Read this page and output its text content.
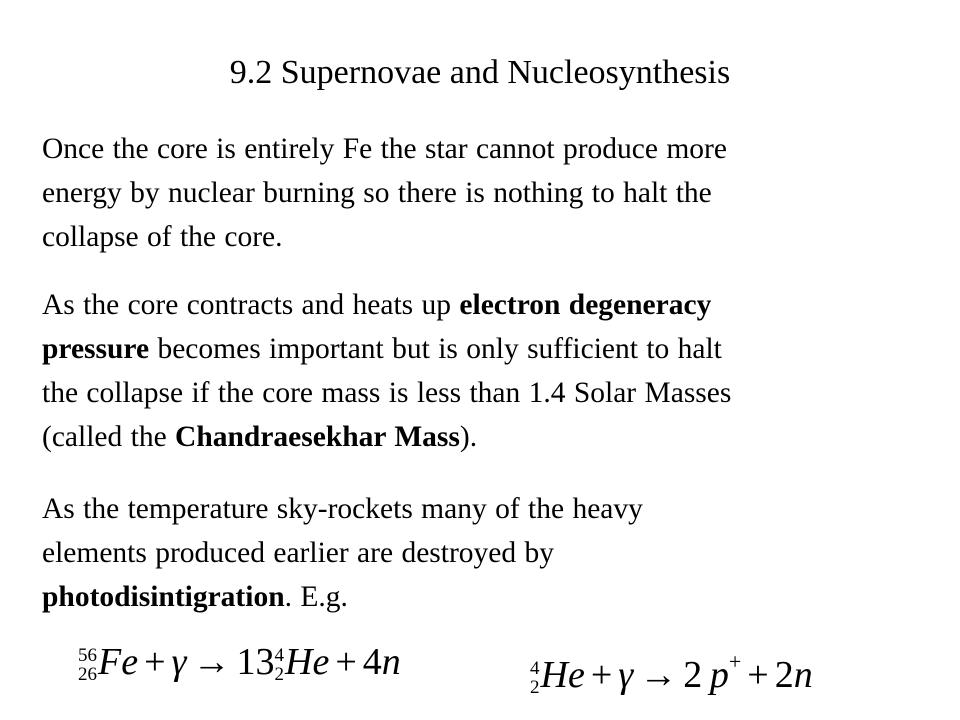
9.2 Supernovae and Nucleosynthesis
Once the core is entirely Fe the star cannot produce more
energy by nuclear burning so there is nothing to halt the
collapse of the core.
As the core contracts and heats up electron degeneracy
pressure becomes important but is only sufficient to halt
the collapse if the core mass is less than 1.4 Solar Masses
(called the Chandraesekhar Mass).
As the temperature sky-rockets many of the heavy
elements produced earlier are destroyed by
photodisintigration. E.g.
56
26 Fe + γ → 13 4
2 He + 4n	4
2 He + γ → 2  p+ + 2n
